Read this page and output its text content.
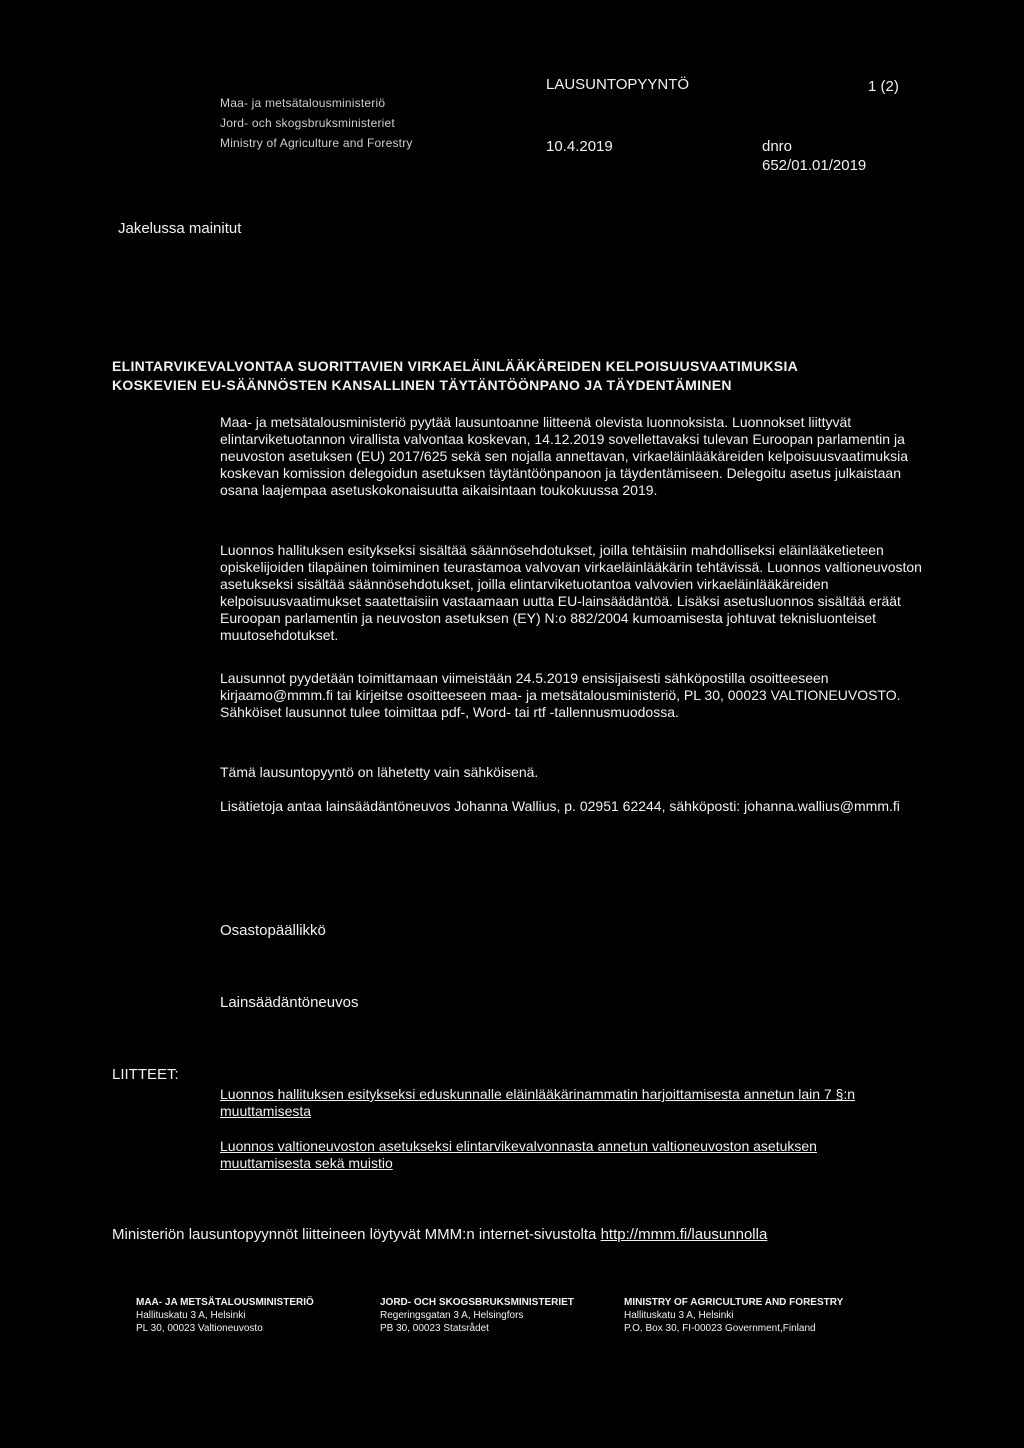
Maa- ja metsätalousministeriö
Jord- och skogsbruksministeriet
Ministry of Agriculture and Forestry
LAUSUNTOPYYNTÖ	1 (2)
10.4.2019	dnro
652/01.01/2019
Jakelussa mainitut
ELINTARVIKEVALVONTAA SUORITTAVIEN VIRKAELÄINLÄÄKÄREIDEN KELPOISUUSVAATIMUKSIA
KOSKEVIEN EU-SÄÄNNÖSTEN KANSALLINEN TÄYTÄNTÖÖNPANO JA TÄYDENTÄMINEN

Maa- ja metsätalousministeriö pyytää lausuntoanne liitteenä olevista luonnoksista. Luonnokset liittyvät elintarviketuotannon virallista valvontaa koskevan, 14.12.2019 sovellettavaksi tulevan Euroopan parlamentin ja neuvoston asetuksen (EU) 2017/625 sekä sen nojalla annettavan, virkaeläinlääkäreiden kelpoisuusvaatimuksia koskevan komission delegoidun asetuksen täytäntöönpanoon ja täydentämiseen. Delegoitu asetus julkaistaan osana laajempaa asetuskokonaisuutta aikaisintaan toukokuussa 2019.

Luonnos hallituksen esitykseksi sisältää säännösehdotukset, joilla tehtäisiin mahdolliseksi eläinlääketieteen opiskelijoiden tilapäinen toimiminen teurastamoa valvovan virkaeläinlääkärin tehtävissä. Luonnos valtioneuvoston asetukseksi sisältää säännösehdotukset, joilla elintarviketuotantoa valvovien virkaeläinlääkäreiden kelpoisuusvaatimukset saatettaisiin vastaamaan uutta EU-lainsäädäntöä. Lisäksi asetusluonnos sisältää eräät Euroopan parlamentin ja neuvoston asetuksen (EY) N:o 882/2004 kumoamisesta johtuvat teknisluonteiset muutosehdotukset.

Lausunnot pyydetään toimittamaan viimeistään 24.5.2019 ensisijaisesti sähköpostilla osoitteeseen kirjaamo@mmm.fi tai kirjeitse osoitteeseen maa- ja metsätalousministeriö, PL 30, 00023 VALTIONEUVOSTO. Sähköiset lausunnot tulee toimittaa pdf-, Word- tai rtf -tallennusmuodossa.

Tämä lausuntopyyntö on lähetetty vain sähköisenä.

Lisätietoja antaa lainsäädäntöneuvos Johanna Wallius, p. 02951 62244, sähköposti: johanna.wallius@mmm.fi

Osastopäällikkö
Lainsäädäntöneuvos
LIITTEET:
Luonnos hallituksen esitykseksi eduskunnalle eläinlääkärinammatin harjoittamisesta annetun lain 7 §:n muuttamisesta
Luonnos valtioneuvoston asetukseksi elintarvikevalvonnasta annetun valtioneuvoston asetuksen muuttamisesta sekä muistio
Ministeriön lausuntopyynnöt liitteineen löytyvät MMM:n internet-sivustolta http://mmm.fi/lausunnolla
MAA- JA METSÄTALOUSMINISTERIÖ
Hallituskatu 3 A, Helsinki
PL 30, 00023 Valtioneuvosto
JORD- OCH SKOGSBRUKSMINISTERIET
Regeringsgatan 3 A, Helsingfors
PB 30, 00023 Statsrådet
MINISTRY OF AGRICULTURE AND FORESTRY
Hallituskatu 3 A, Helsinki
P.O. Box 30, FI-00023 Government,Finland
